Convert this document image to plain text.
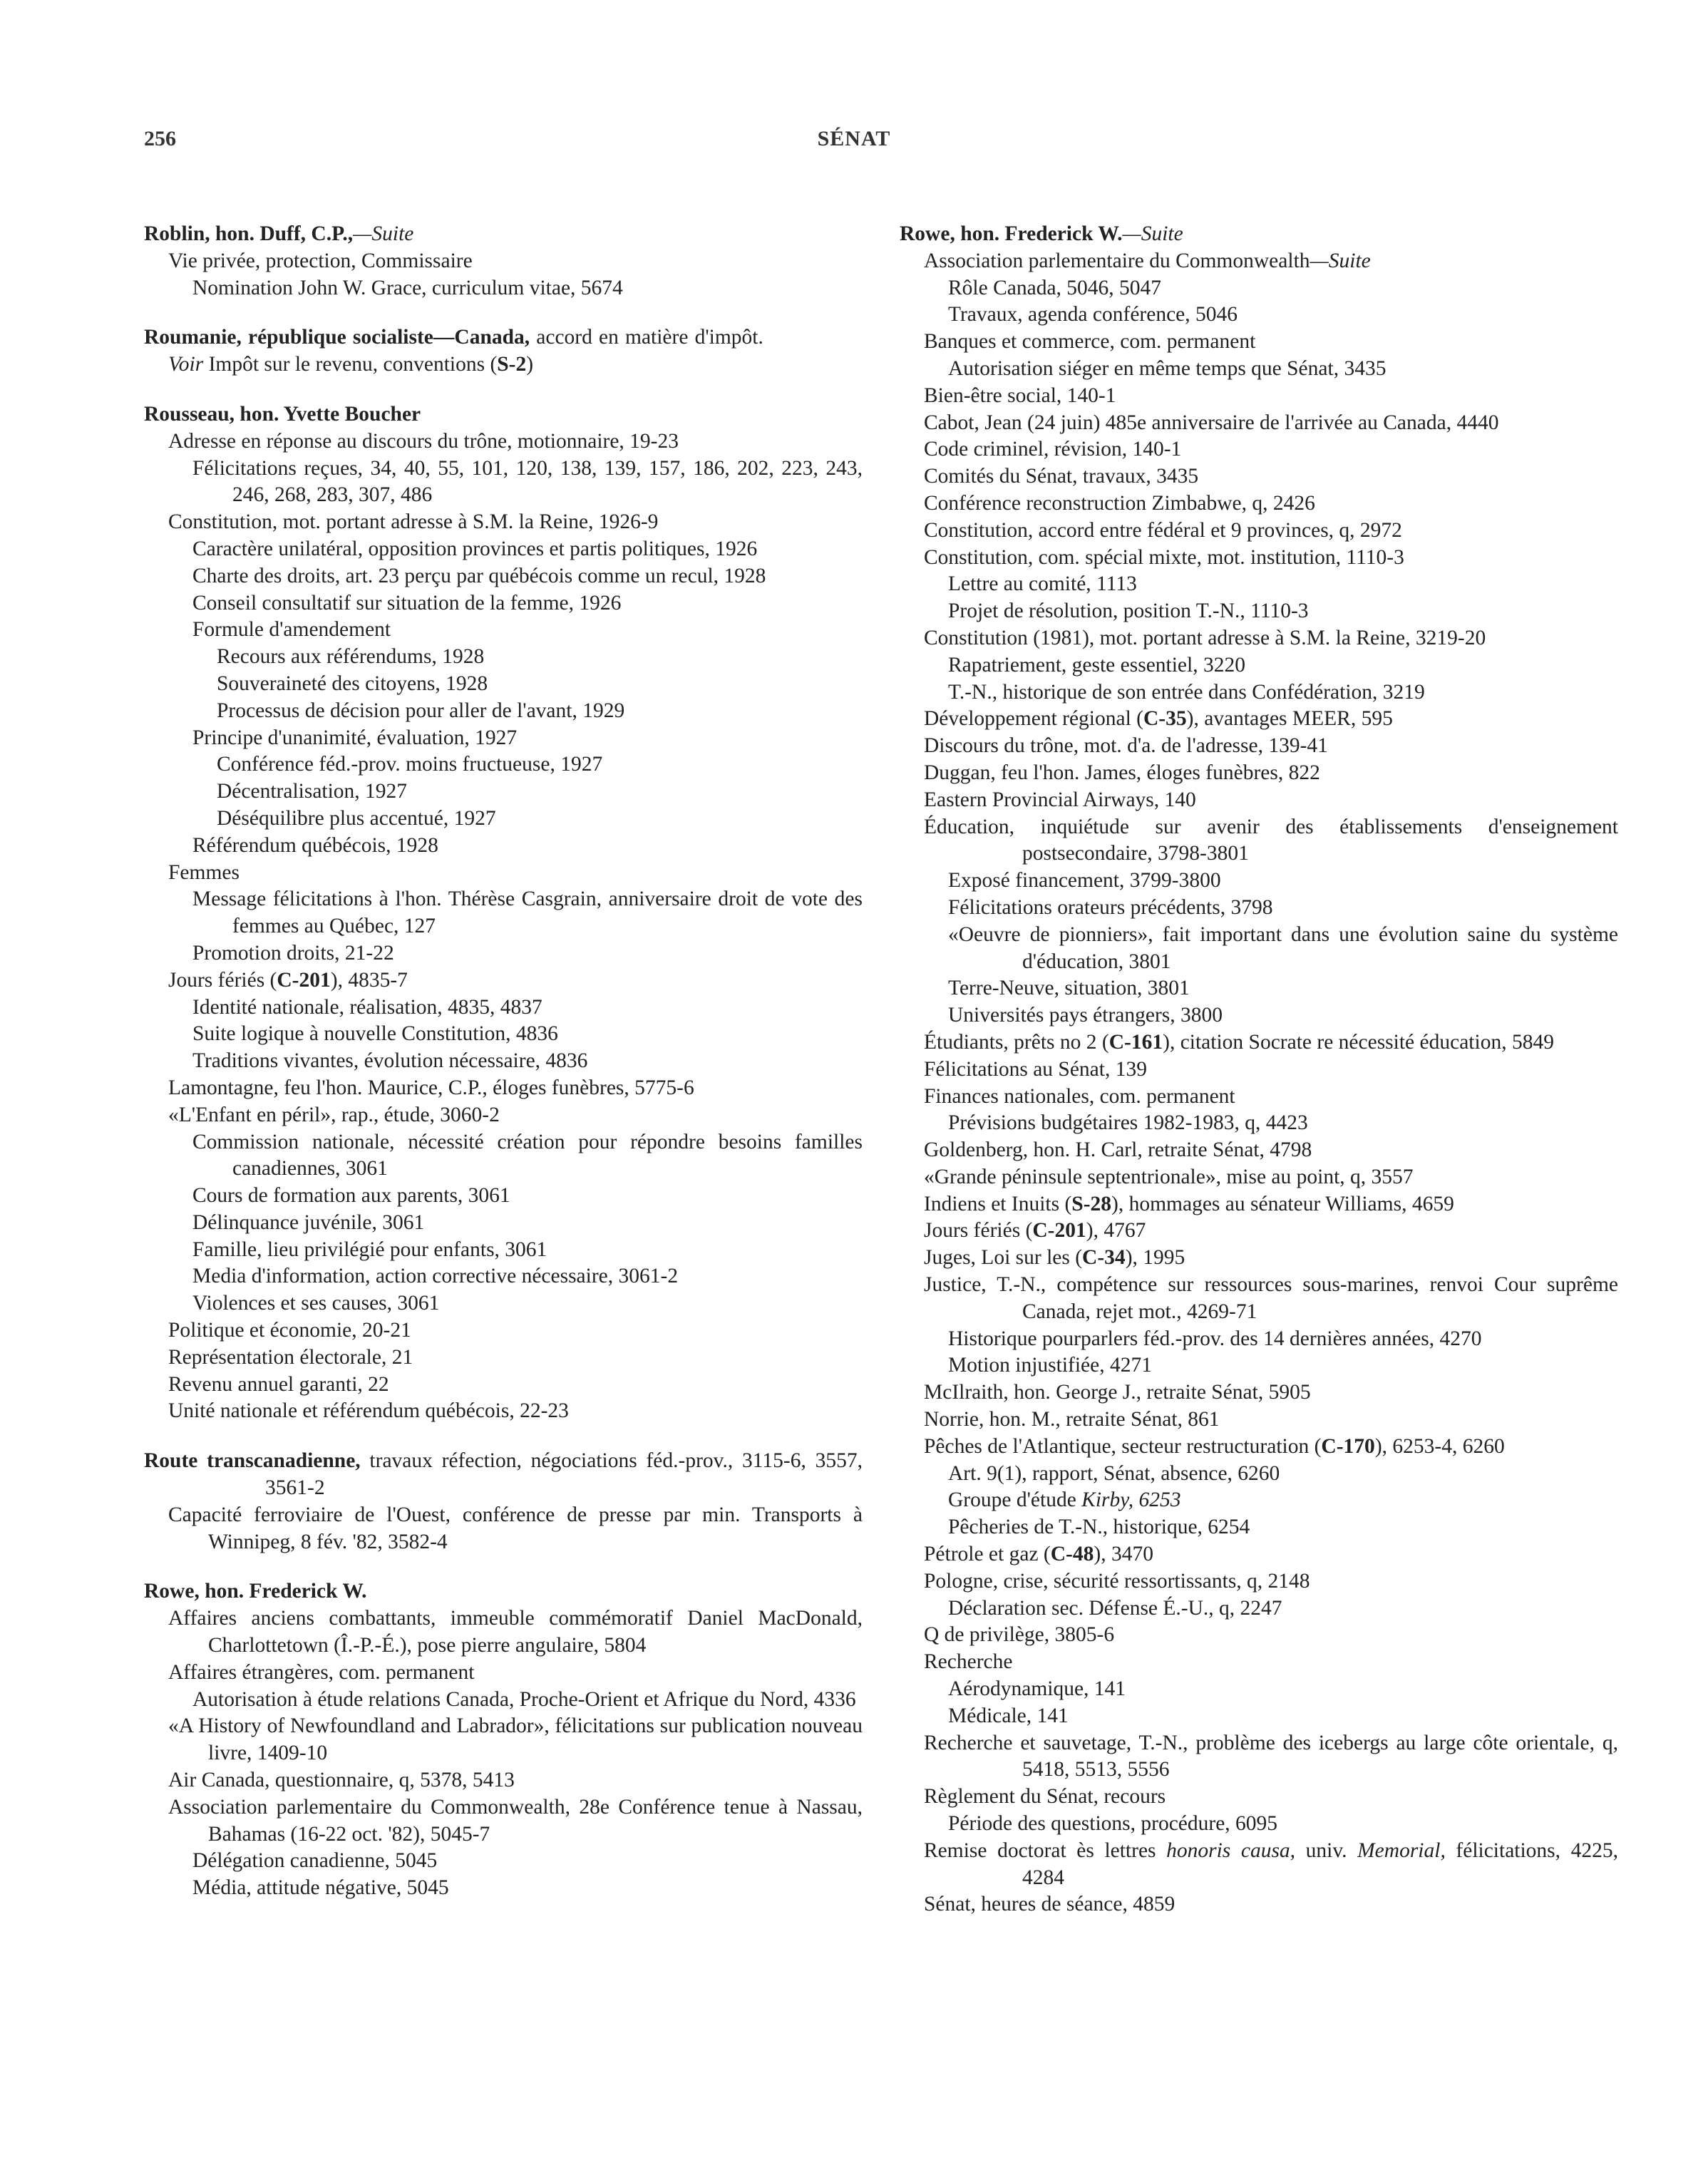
256	SÉNAT
Roblin, hon. Duff, C.P.,—Suite
Vie privée, protection, Commissaire
Nomination John W. Grace, curriculum vitae, 5674
Roumanie, république socialiste—Canada, accord en matière d'impôt. Voir Impôt sur le revenu, conventions (S-2)
Rousseau, hon. Yvette Boucher
Adresse en réponse au discours du trône, motionnaire, 19-23
Félicitations reçues, 34, 40, 55, 101, 120, 138, 139, 157, 186, 202, 223, 243, 246, 268, 283, 307, 486
Constitution, mot. portant adresse à S.M. la Reine, 1926-9
Caractère unilatéral, opposition provinces et partis politiques, 1926
Charte des droits, art. 23 perçu par québécois comme un recul, 1928
Conseil consultatif sur situation de la femme, 1926
Formule d'amendement
Recours aux référendums, 1928
Souveraineté des citoyens, 1928
Processus de décision pour aller de l'avant, 1929
Principe d'unanimité, évaluation, 1927
Conférence féd.-prov. moins fructueuse, 1927
Décentralisation, 1927
Déséquilibre plus accentué, 1927
Référendum québécois, 1928
Femmes
Message félicitations à l'hon. Thérèse Casgrain, anniversaire droit de vote des femmes au Québec, 127
Promotion droits, 21-22
Jours fériés (C-201), 4835-7
Identité nationale, réalisation, 4835, 4837
Suite logique à nouvelle Constitution, 4836
Traditions vivantes, évolution nécessaire, 4836
Lamontagne, feu l'hon. Maurice, C.P., éloges funèbres, 5775-6
«L'Enfant en péril», rap., étude, 3060-2
Commission nationale, nécessité création pour répondre besoins familles canadiennes, 3061
Cours de formation aux parents, 3061
Délinquance juvénile, 3061
Famille, lieu privilégié pour enfants, 3061
Media d'information, action corrective nécessaire, 3061-2
Violences et ses causes, 3061
Politique et économie, 20-21
Représentation électorale, 21
Revenu annuel garanti, 22
Unité nationale et référendum québécois, 22-23
Route transcanadienne, travaux réfection, négociations féd.-prov., 3115-6, 3557, 3561-2
Capacité ferroviaire de l'Ouest, conférence de presse par min. Transports à Winnipeg, 8 fév. '82, 3582-4
Rowe, hon. Frederick W.
Affaires anciens combattants, immeuble commémoratif Daniel MacDonald, Charlottetown (Î.-P.-É.), pose pierre angulaire, 5804
Affaires étrangères, com. permanent
Autorisation à étude relations Canada, Proche-Orient et Afrique du Nord, 4336
«A History of Newfoundland and Labrador», félicitations sur publication nouveau livre, 1409-10
Air Canada, questionnaire, q, 5378, 5413
Association parlementaire du Commonwealth, 28e Conférence tenue à Nassau, Bahamas (16-22 oct. '82), 5045-7
Délégation canadienne, 5045
Média, attitude négative, 5045
Rowe, hon. Frederick W.—Suite
Association parlementaire du Commonwealth—Suite
Rôle Canada, 5046, 5047
Travaux, agenda conférence, 5046
Banques et commerce, com. permanent
Autorisation siéger en même temps que Sénat, 3435
Bien-être social, 140-1
Cabot, Jean (24 juin) 485e anniversaire de l'arrivée au Canada, 4440
Code criminel, révision, 140-1
Comités du Sénat, travaux, 3435
Conférence reconstruction Zimbabwe, q, 2426
Constitution, accord entre fédéral et 9 provinces, q, 2972
Constitution, com. spécial mixte, mot. institution, 1110-3
Lettre au comité, 1113
Projet de résolution, position T.-N., 1110-3
Constitution (1981), mot. portant adresse à S.M. la Reine, 3219-20
Rapatriement, geste essentiel, 3220
T.-N., historique de son entrée dans Confédération, 3219
Développement régional (C-35), avantages MEER, 595
Discours du trône, mot. d'a. de l'adresse, 139-41
Duggan, feu l'hon. James, éloges funèbres, 822
Eastern Provincial Airways, 140
Éducation, inquiétude sur avenir des établissements d'enseignement postsecondaire, 3798-3801
Exposé financement, 3799-3800
Félicitations orateurs précédents, 3798
«Oeuvre de pionniers», fait important dans une évolution saine du système d'éducation, 3801
Terre-Neuve, situation, 3801
Universités pays étrangers, 3800
Étudiants, prêts no 2 (C-161), citation Socrate re nécessité éducation, 5849
Félicitations au Sénat, 139
Finances nationales, com. permanent
Prévisions budgétaires 1982-1983, q, 4423
Goldenberg, hon. H. Carl, retraite Sénat, 4798
«Grande péninsule septentrionale», mise au point, q, 3557
Indiens et Inuits (S-28), hommages au sénateur Williams, 4659
Jours fériés (C-201), 4767
Juges, Loi sur les (C-34), 1995
Justice, T.-N., compétence sur ressources sous-marines, renvoi Cour suprême Canada, rejet mot., 4269-71
Historique pourparlers féd.-prov. des 14 dernières années, 4270
Motion injustifiée, 4271
McIlraith, hon. George J., retraite Sénat, 5905
Norrie, hon. M., retraite Sénat, 861
Pêches de l'Atlantique, secteur restructuration (C-170), 6253-4, 6260
Art. 9(1), rapport, Sénat, absence, 6260
Groupe d'étude Kirby, 6253
Pêcheries de T.-N., historique, 6254
Pétrole et gaz (C-48), 3470
Pologne, crise, sécurité ressortissants, q, 2148
Déclaration sec. Défense É.-U., q, 2247
Q de privilège, 3805-6
Recherche
Aérodynamique, 141
Médicale, 141
Recherche et sauvetage, T.-N., problème des icebergs au large côte orientale, q, 5418, 5513, 5556
Règlement du Sénat, recours
Période des questions, procédure, 6095
Remise doctorat ès lettres honoris causa, univ. Memorial, félicitations, 4225, 4284
Sénat, heures de séance, 4859
